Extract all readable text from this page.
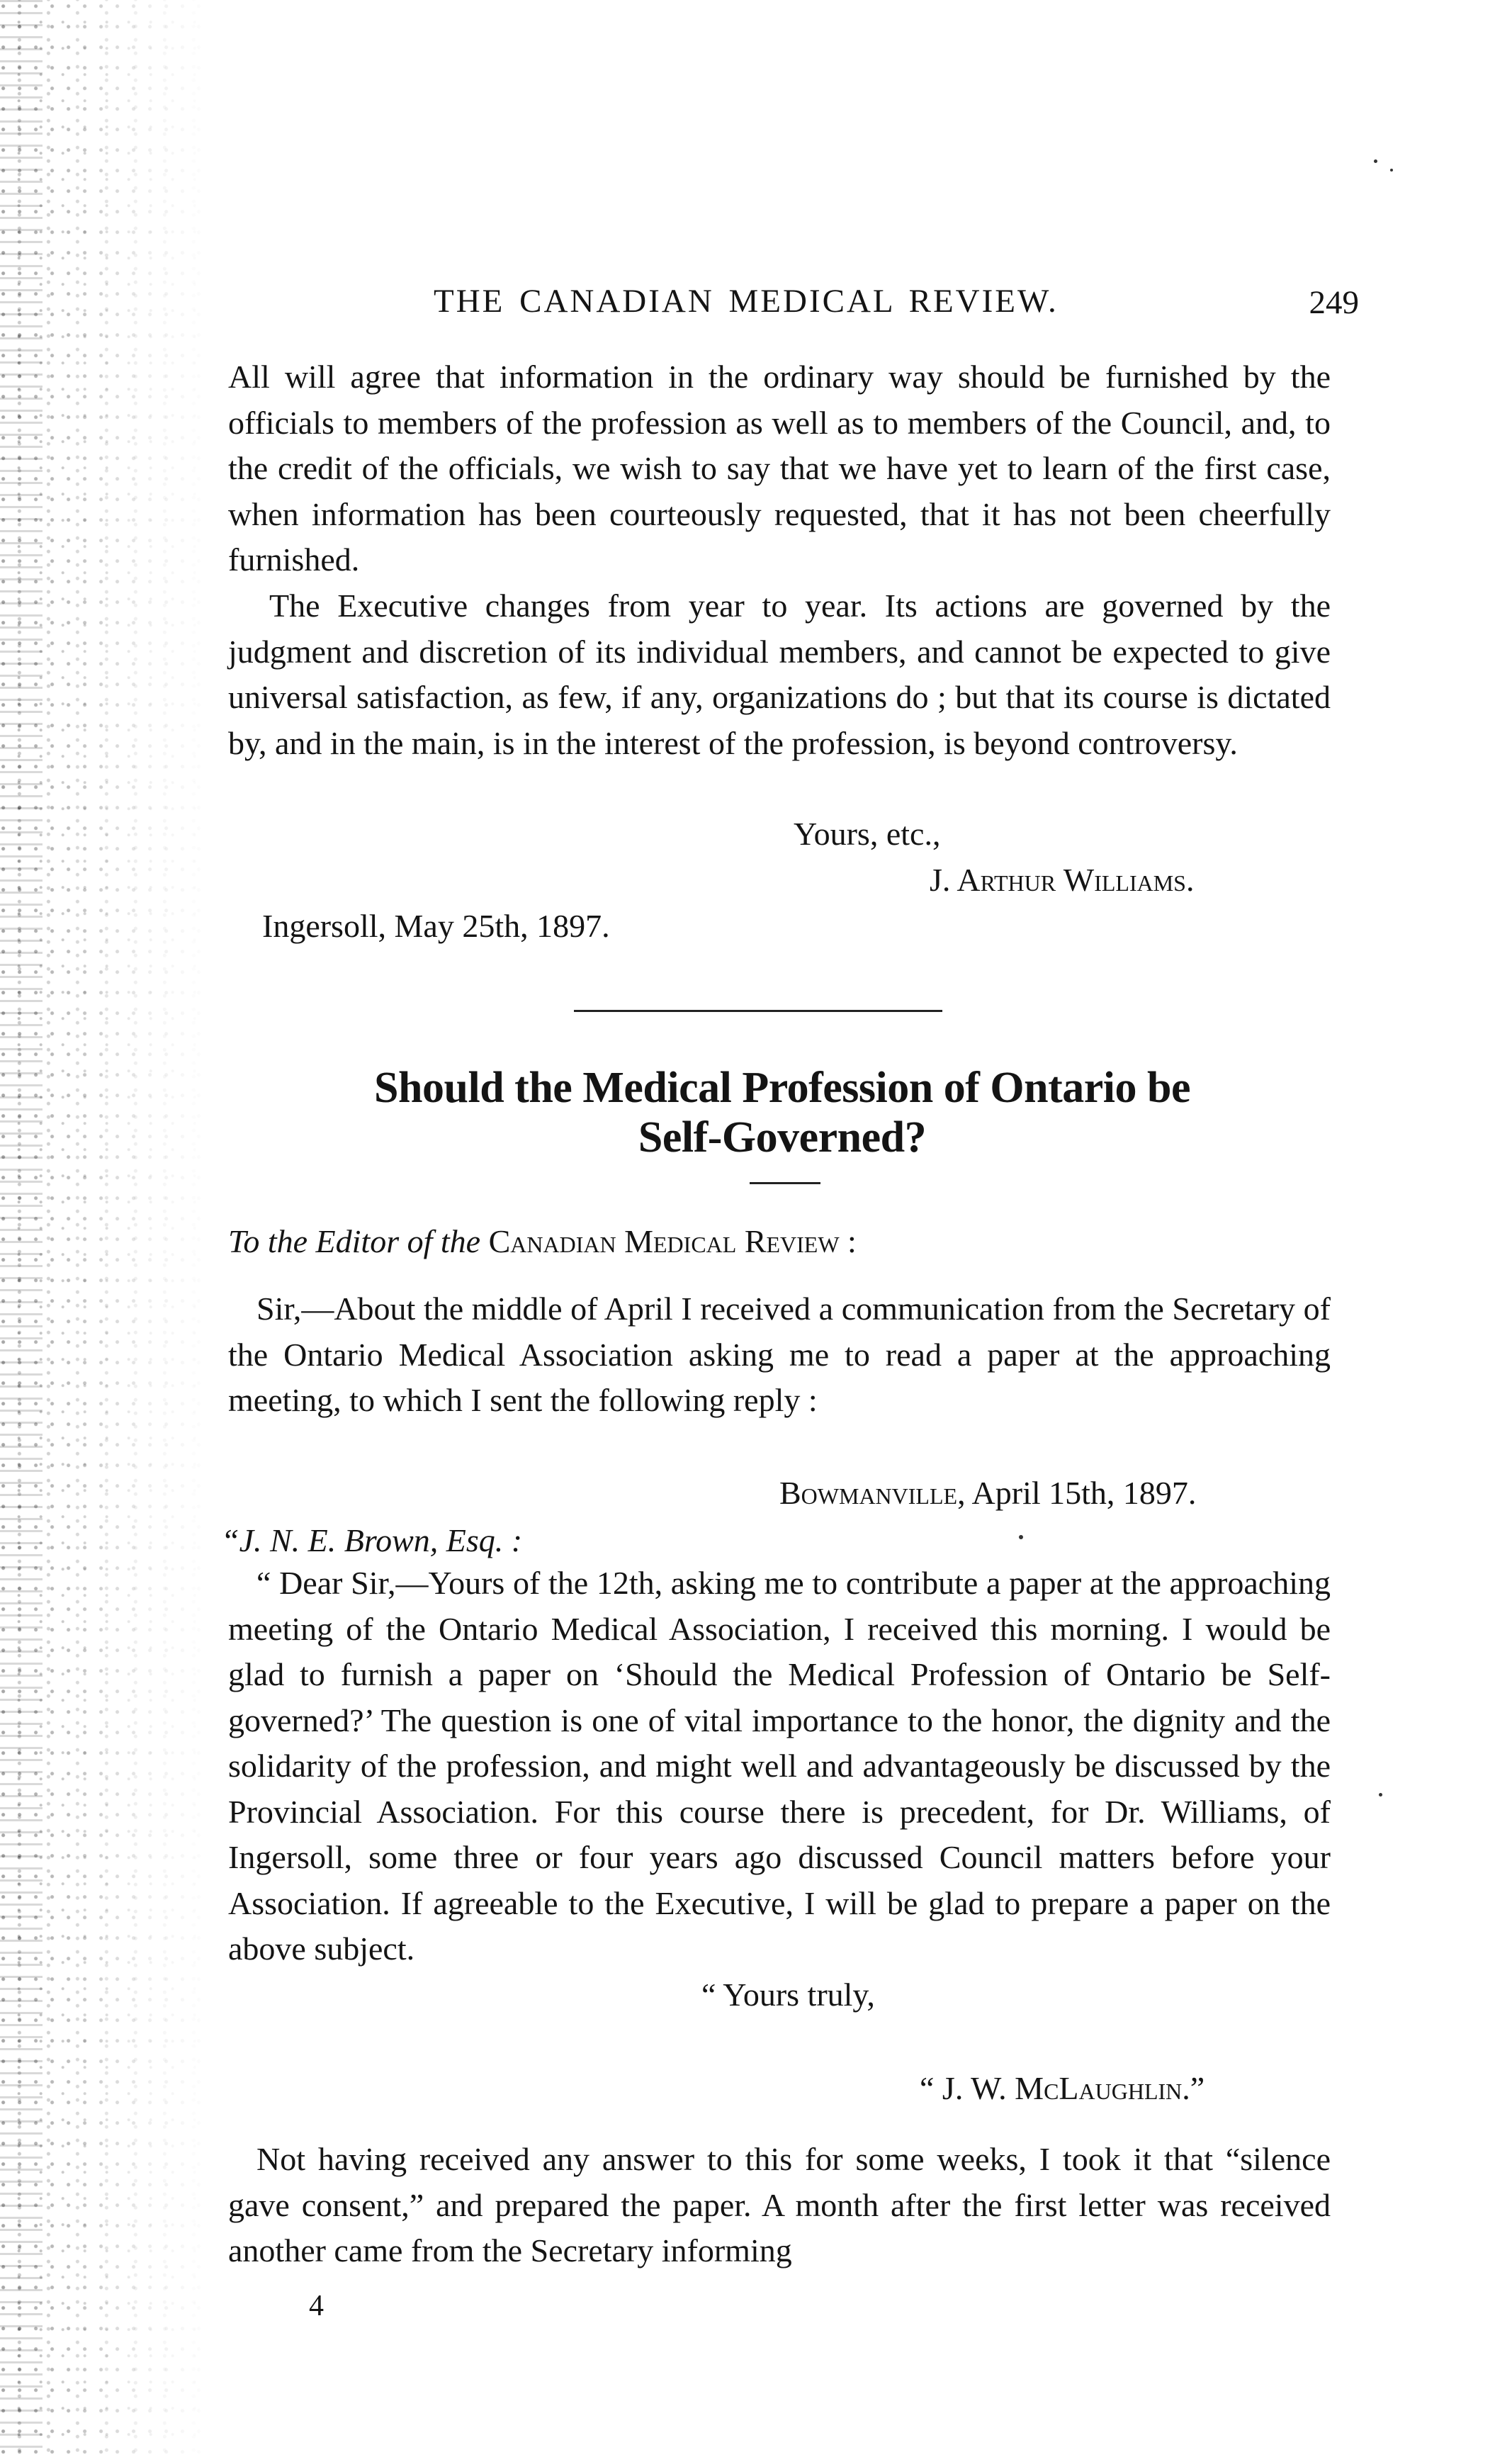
THE CANADIAN MEDICAL REVIEW.	249

All will agree that information in the ordinary way should be furnished by the officials to members of the profession as well as to members of the Council, and, to the credit of the officials, we wish to say that we have yet to learn of the first case, when information has been courteously requested, that it has not been cheerfully furnished.

The Executive changes from year to year. Its actions are governed by the judgment and discretion of its individual members, and cannot be expected to give universal satisfaction, as few, if any, organizations do ; but that its course is dictated by, and in the main, is in the interest of the profession, is beyond controversy.

Yours, etc.,
J. Arthur Williams.
Ingersoll, May 25th, 1897.
Should the Medical Profession of Ontario be
Self-Governed?
To the Editor of the Canadian Medical Review :

Sir,—About the middle of April I received a communication from the Secretary of the Ontario Medical Association asking me to read a paper at the approaching meeting, to which I sent the following reply :

Bowmanville, April 15th, 1897.
“J. N. E. Brown, Esq. :

“ Dear Sir,—Yours of the 12th, asking me to contribute a paper at the approaching meeting of the Ontario Medical Association, I received this morning. I would be glad to furnish a paper on ‘Should the Medical Profession of Ontario be Self-governed?’ The question is one of vital importance to the honor, the dignity and the solidarity of the profession, and might well and advantageously be discussed by the Provincial Association. For this course there is precedent, for Dr. Williams, of Ingersoll, some three or four years ago discussed Council matters before your Association. If agreeable to the Executive, I will be glad to prepare a paper on the above subject.

“ Yours truly,
“ J. W. McLaughlin.”

Not having received any answer to this for some weeks, I took it that “silence gave consent,” and prepared the paper. A month after the first letter was received another came from the Secretary informing

4
